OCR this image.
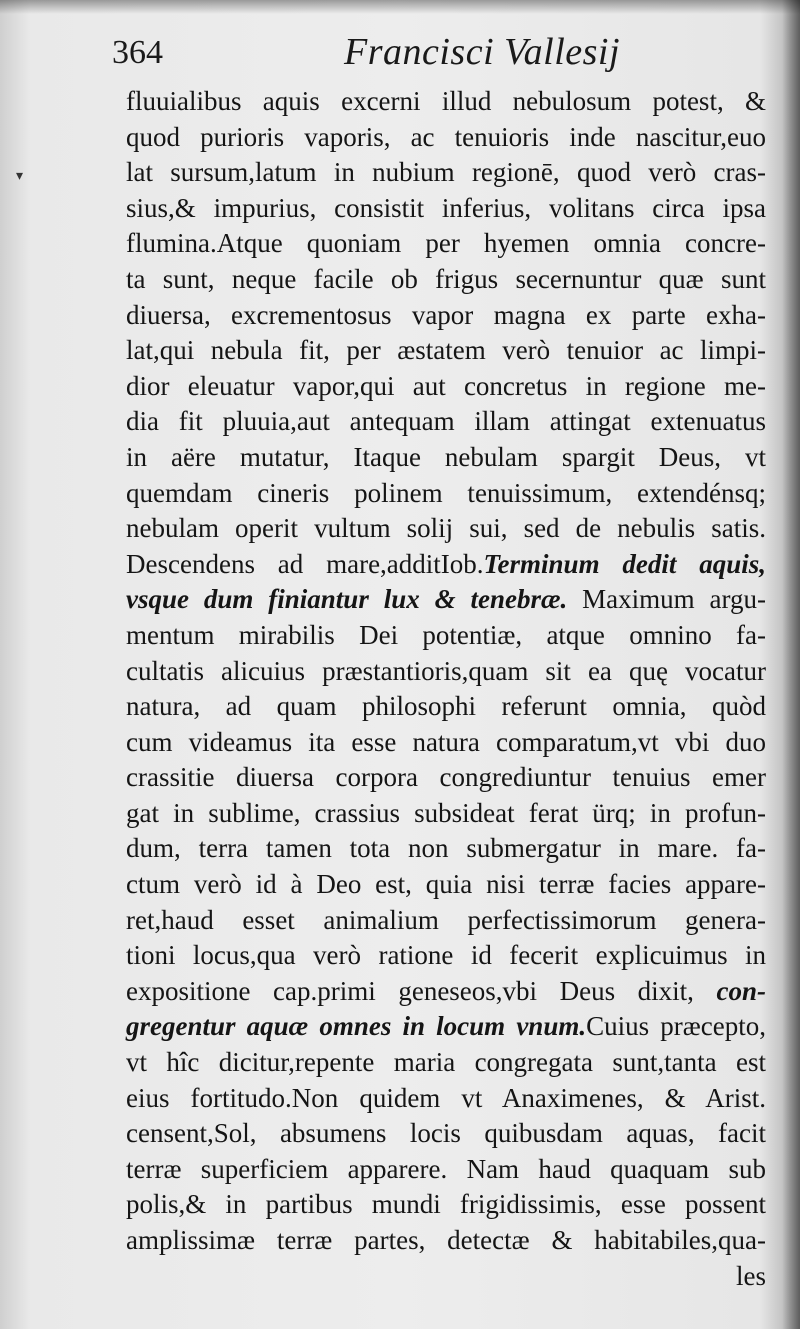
▾
364	Francisci Vallesij
fluuialibus aquis excerni illud nebulosum potest, &
quod purioris vaporis, ac tenuioris inde nascitur,euo
lat sursum,latum in nubium regionē, quod verò cras-
sius,& impurius, consistit inferius, volitans circa ipsa
flumina.Atque quoniam per hyemen omnia concre-
ta sunt, neque facile ob frigus secernuntur quæ sunt
diuersa, excrementosus vapor magna ex parte exha-
lat,qui nebula fit, per æstatem verò tenuior ac limpi-
dior eleuatur vapor,qui aut concretus in regione me-
dia fit pluuia,aut antequam illam attingat extenuatus
in aëre mutatur, Itaque nebulam spargit Deus, vt
quemdam cineris polinem tenuissimum, extendénsq;
nebulam operit vultum solij sui, sed de nebulis satis.
Descendens ad mare,additIob.Terminum dedit aquis,
vsque dum finiantur lux & tenebræ. Maximum argu-
mentum mirabilis Dei potentiæ, atque omnino fa-
cultatis alicuius præstantioris,quam sit ea quę vocatur
natura, ad quam philosophi referunt omnia, quòd
cum videamus ita esse natura comparatum,vt vbi duo
crassitie diuersa corpora congrediuntur tenuius emer
gat in sublime, crassius subsideat ferat ürq; in profun-
dum, terra tamen tota non submergatur in mare. fa-
ctum verò id à Deo est, quia nisi terræ facies appare-
ret,haud esset animalium perfectissimorum genera-
tioni locus,qua verò ratione id fecerit explicuimus in
expositione cap.primi geneseos,vbi Deus dixit, con-
gregentur aquæ omnes in locum vnum.Cuius præcepto,
vt hîc dicitur,repente maria congregata sunt,tanta est
eius fortitudo.Non quidem vt Anaximenes, & Arist.
censent,Sol, absumens locis quibusdam aquas, facit
terræ superficiem apparere. Nam haud quaquam sub
polis,& in partibus mundi frigidissimis, esse possent
amplissimæ terræ partes, detectæ & habitabiles,qua-
les
